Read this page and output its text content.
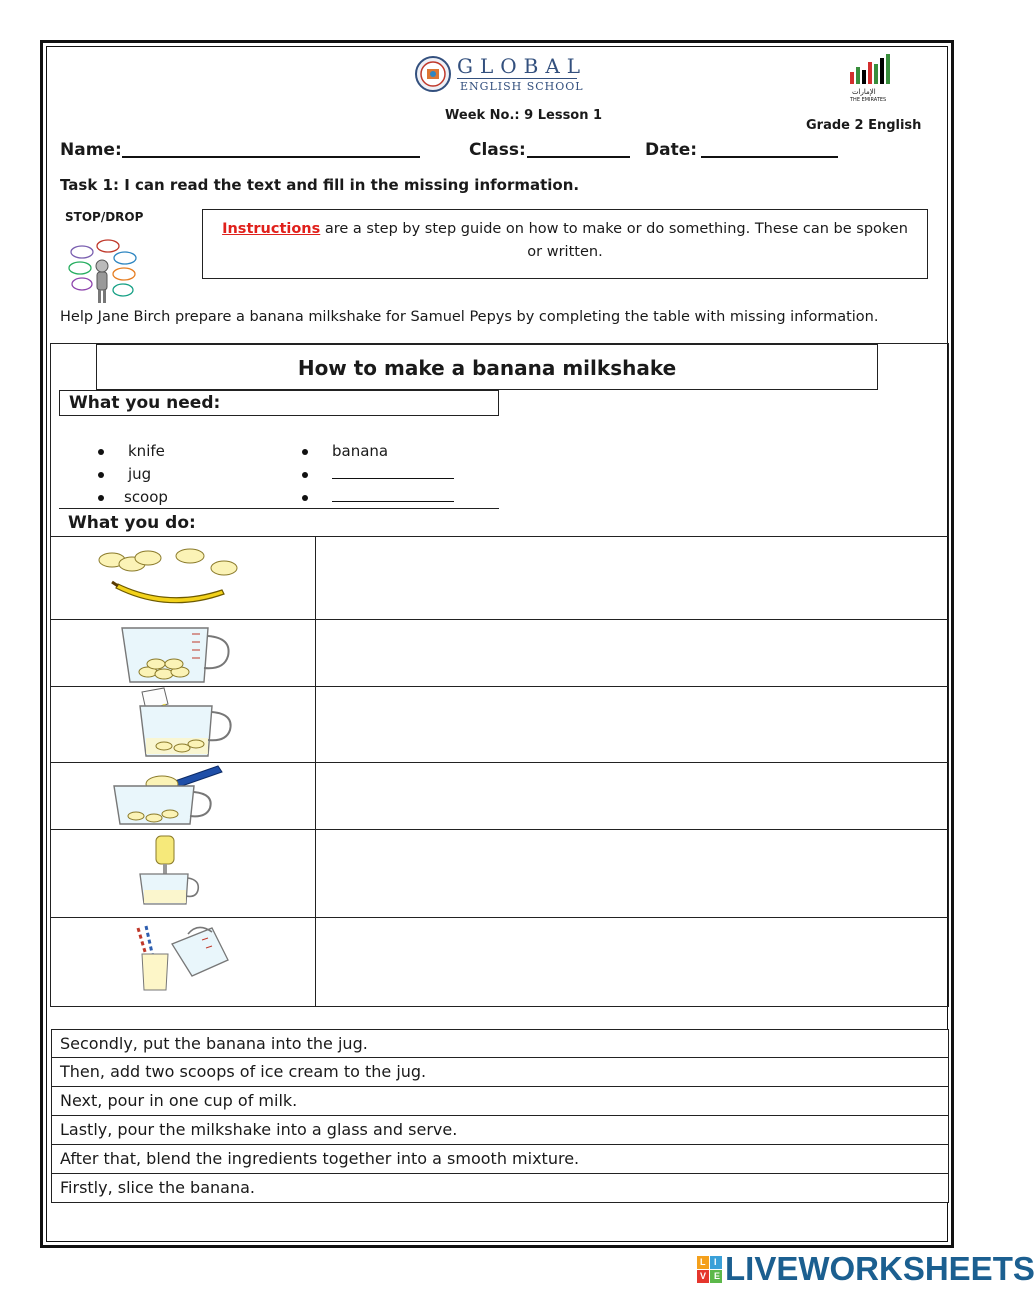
GLOBAL
ENGLISH SCHOOL
Week No.: 9 Lesson 1
الإمارات
THE EMIRATES
Grade 2 English
Name:	Class:	Date:
Task 1: I can read the text and fill in the missing information.
STOP/DROP
Instructions are a step by step guide on how to make or do something. These can be spoken or written.
Help Jane Birch prepare a banana milkshake for Samuel Pepys by completing the table with missing information.
How to make a banana milkshake
What you need:
knife
jug
scoop
banana
What you do:
Secondly, put the banana into the jug.
Then, add two scoops of ice cream to the jug.
Next, pour in one cup of milk.
Lastly, pour the milkshake into a glass and serve.
After that, blend the ingredients together into a smooth mixture.
Firstly, slice the banana.
L I
V E LIVEWORKSHEETS
